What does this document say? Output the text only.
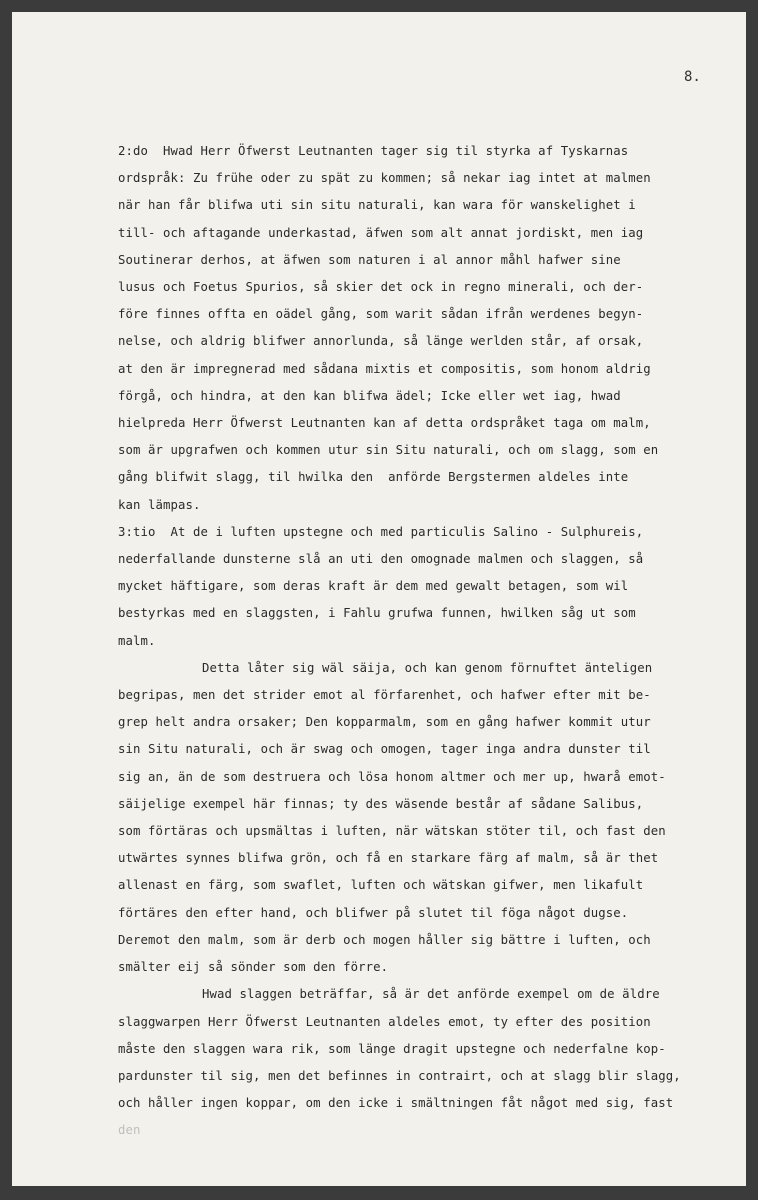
8.
2:do  Hwad Herr Öfwerst Leutnanten tager sig til styrka af Tyskarnas
ordspråk: Zu frühe oder zu spät zu kommen; så nekar iag intet at malmen
när han får blifwa uti sin situ naturali, kan wara för wanskelighet i
till- och aftagande underkastad, äfwen som alt annat jordiskt, men iag
Soutinerar derhos, at äfwen som naturen i al annor måhl hafwer sine
lusus och Foetus Spurios, så skier det ock in regno minerali, och der-
före finnes offta en oädel gång, som warit sådan ifrån werdenes begyn-
nelse, och aldrig blifwer annorlunda, så länge werlden står, af orsak,
at den är impregnerad med sådana mixtis et compositis, som honom aldrig
förgå, och hindra, at den kan blifwa ädel; Icke eller wet iag, hwad
hielpreda Herr Öfwerst Leutnanten kan af detta ordspråket taga om malm,
som är upgrafwen och kommen utur sin Situ naturali, och om slagg, som en
gång blifwit slagg, til hwilka den  anförde Bergstermen aldeles inte
kan lämpas.
3:tio  At de i luften upstegne och med particulis Salino - Sulphureis,
nederfallande dunsterne slå an uti den omognade malmen och slaggen, så
mycket häftigare, som deras kraft är dem med gewalt betagen, som wil
bestyrkas med en slaggsten, i Fahlu grufwa funnen, hwilken såg ut som
malm.
Detta låter sig wäl säija, och kan genom förnuftet änteligen
begripas, men det strider emot al förfarenhet, och hafwer efter mit be-
grep helt andra orsaker; Den kopparmalm, som en gång hafwer kommit utur
sin Situ naturali, och är swag och omogen, tager inga andra dunster til
sig an, än de som destruera och lösa honom altmer och mer up, hwarå emot-
säijelige exempel här finnas; ty des wäsende består af sådane Salibus,
som förtäras och upsmältas i luften, när wätskan stöter til, och fast den
utwärtes synnes blifwa grön, och få en starkare färg af malm, så är thet
allenast en färg, som swaflet, luften och wätskan gifwer, men likafult
förtäres den efter hand, och blifwer på slutet til föga något dugse.
Deremot den malm, som är derb och mogen håller sig bättre i luften, och
smälter eij så sönder som den förre.
Hwad slaggen beträffar, så är det anförde exempel om de äldre
slaggwarpen Herr Öfwerst Leutnanten aldeles emot, ty efter des position
måste den slaggen wara rik, som länge dragit upstegne och nederfalne kop-
pardunster til sig, men det befinnes in contrairt, och at slagg blir slagg,
och håller ingen koppar, om den icke i smältningen fåt något med sig, fast
den
